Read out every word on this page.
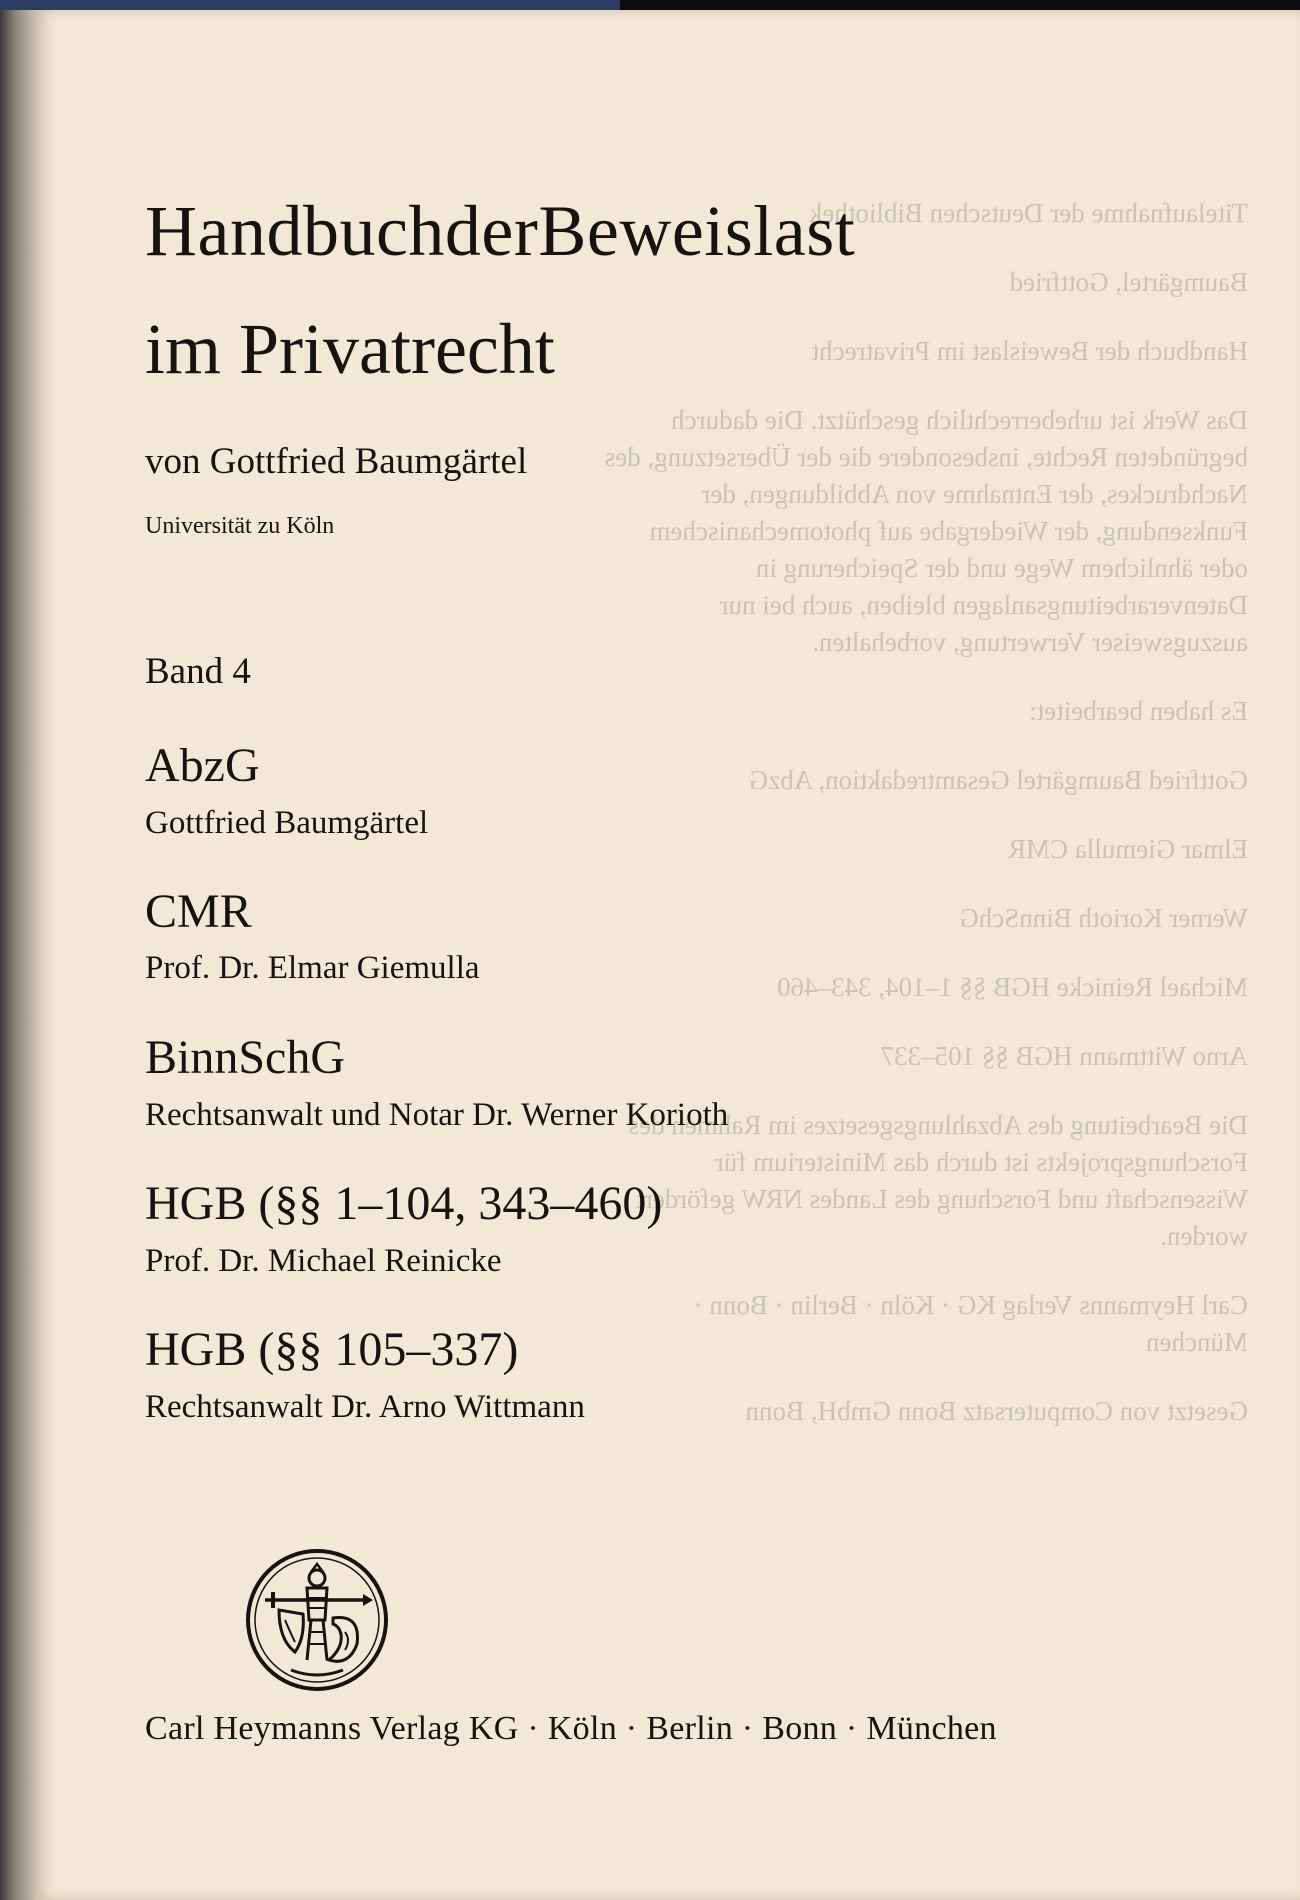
Titelaufnahme der Deutschen Bibliothek

Baumgärtel, Gottfried

Handbuch der Beweislast im Privatrecht

Das Werk ist urheberrechtlich geschützt. Die dadurch begründeten Rechte, insbesondere die der Übersetzung, des Nachdruckes, der Entnahme von Abbildungen, der Funksendung, der Wiedergabe auf photomechanischem oder ähnlichem Wege und der Speicherung in Datenverarbeitungsanlagen bleiben, auch bei nur auszugsweiser Verwertung, vorbehalten.

Es haben bearbeitet:

Gottfried Baumgärtel Gesamtredaktion, AbzG

Elmar Giemulla CMR

Werner Korioth BinnSchG

Michael Reinicke HGB §§ 1–104, 343–460

Arno Wittmann HGB §§ 105–337

Die Bearbeitung des Abzahlungsgesetzes im Rahmen des Forschungsprojekts ist durch das Ministerium für Wissenschaft und Forschung des Landes NRW gefördert worden.

Carl Heymanns Verlag KG · Köln · Berlin · Bonn · München

Gesetzt von Computersatz Bonn GmbH, Bonn

HandbuchderBeweislast
im Privatrecht
von Gottfried Baumgärtel
Universität zu Köln
Band 4
AbzG
Gottfried Baumgärtel
CMR
Prof. Dr. Elmar Giemulla
BinnSchG
Rechtsanwalt und Notar Dr. Werner Korioth
HGB (§§ 1–104, 343–460)
Prof. Dr. Michael Reinicke
HGB (§§ 105–337)
Rechtsanwalt Dr. Arno Wittmann
Carl Heymanns Verlag KG · Köln · Berlin · Bonn · München
